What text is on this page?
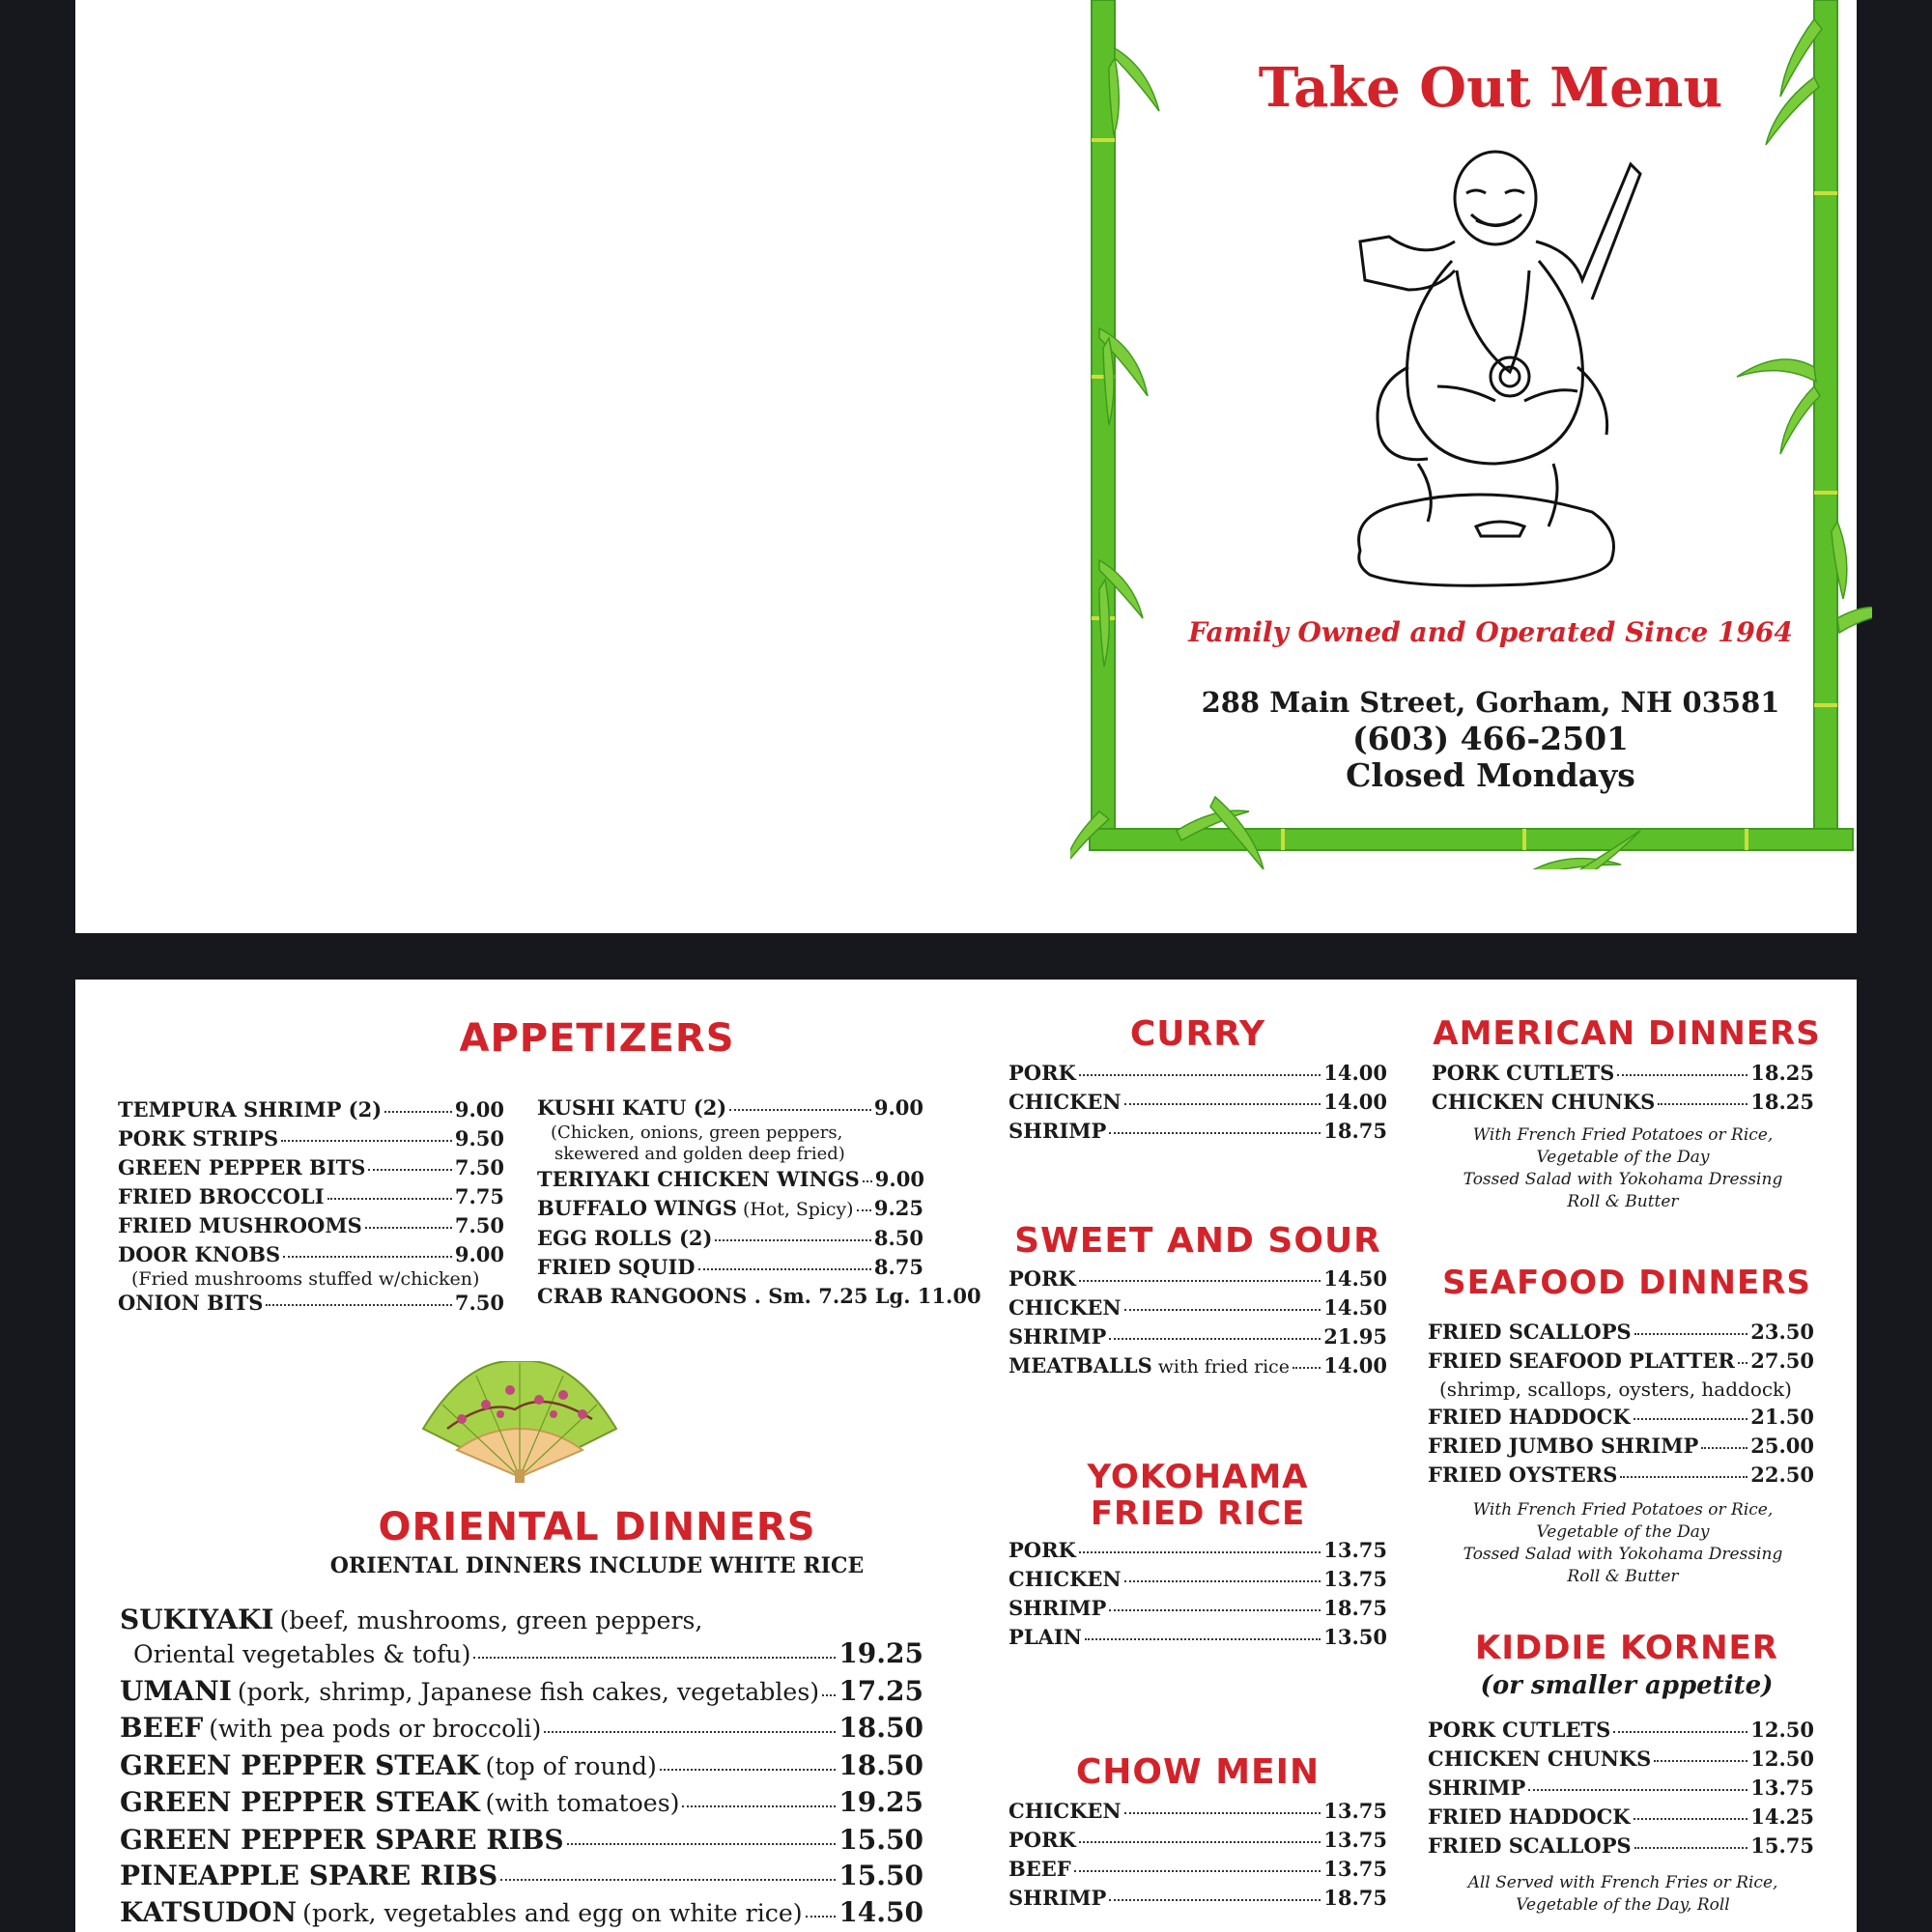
Take Out Menu
Family Owned and Operated Since 1964
288 Main Street, Gorham, NH 03581
(603) 466-2501
Closed Mondays
APPETIZERS
TEMPURA SHRIMP (2)	9.00
PORK STRIPS	9.50
GREEN PEPPER BITS	7.50
FRIED BROCCOLI	7.75
FRIED MUSHROOMS	7.50
DOOR KNOBS	9.00
(Fried mushrooms stuffed w/chicken)
ONION BITS	7.50
KUSHI KATU (2)	9.00
(Chicken, onions, green peppers,
skewered and golden deep fried)
TERIYAKI CHICKEN WINGS 9.00
BUFFALO WINGS (Hot, Spicy) 9.25
EGG ROLLS (2)	8.50
FRIED SQUID	8.75
CRAB RANGOONS . Sm. 7.25 Lg. 11.00
ORIENTAL DINNERS
ORIENTAL DINNERS INCLUDE WHITE RICE
SUKIYAKI (beef, mushrooms, green peppers,
Oriental vegetables & tofu)	19.25
UMANI (pork, shrimp, Japanese fish cakes, vegetables) 17.25
BEEF (with pea pods or broccoli)	18.50
GREEN PEPPER STEAK (top of round)	18.50
GREEN PEPPER STEAK (with tomatoes)	19.25
GREEN PEPPER SPARE RIBS	15.50
PINEAPPLE SPARE RIBS	15.50
KATSUDON (pork, vegetables and egg on white rice) 14.50
CURRY
PORK	14.00
CHICKEN	14.00
SHRIMP	18.75
SWEET AND SOUR
PORK	14.50
CHICKEN	14.50
SHRIMP	21.95
MEATBALLS with fried rice 14.00
YOKOHAMA
FRIED RICE
PORK	13.75
CHICKEN	13.75
SHRIMP	18.75
PLAIN	13.50
CHOW MEIN
CHICKEN	13.75
PORK	13.75
BEEF	13.75
SHRIMP	18.75
AMERICAN DINNERS
PORK CUTLETS	18.25
CHICKEN CHUNKS	18.25
With French Fried Potatoes or Rice,
Vegetable of the Day
Tossed Salad with Yokohama Dressing
Roll & Butter
SEAFOOD DINNERS
FRIED SCALLOPS	23.50
FRIED SEAFOOD PLATTER 27.50
(shrimp, scallops, oysters, haddock)
FRIED HADDOCK	21.50
FRIED JUMBO SHRIMP	25.00
FRIED OYSTERS	22.50
With French Fried Potatoes or Rice,
Vegetable of the Day
Tossed Salad with Yokohama Dressing
Roll & Butter
KIDDIE KORNER
(or smaller appetite)
PORK CUTLETS	12.50
CHICKEN CHUNKS	12.50
SHRIMP	13.75
FRIED HADDOCK	14.25
FRIED SCALLOPS	15.75
All Served with French Fries or Rice,
Vegetable of the Day, Roll
